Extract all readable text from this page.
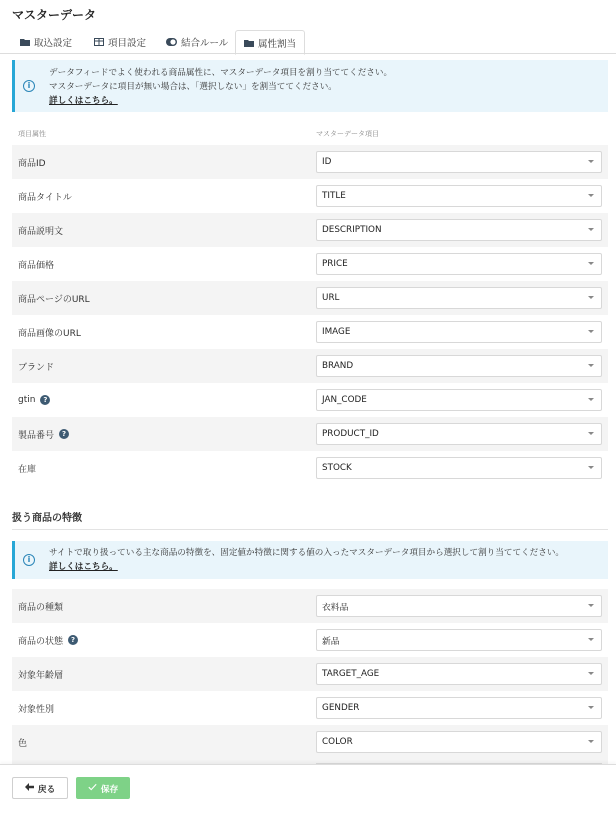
マスターデータ
取込設定	項目設定	結合ルール	属性割当
i
データフィードでよく使われる商品属性に、マスターデータ項目を割り当ててください。
マスターデータに項目が無い場合は、「選択しない」を割当ててください。
詳しくはこちら。
項目属性	マスターデータ項目
商品ID	ID
商品タイトル	TITLE
商品説明文	DESCRIPTION
商品価格	PRICE
商品ページのURL	URL
商品画像のURL	IMAGE
ブランド	BRAND
gtin	?	JAN_CODE
製品番号	?	PRODUCT_ID
在庫	STOCK
扱う商品の特徴
i
サイトで取り扱っている主な商品の特徴を、固定値か特徴に関する値の入ったマスターデータ項目から選択して割り当ててください。
詳しくはこちら。
商品の種類	衣料品
商品の状態	?	新品
対象年齢層	TARGET_AGE
対象性別	GENDER
色	COLOR
戻る	保存
